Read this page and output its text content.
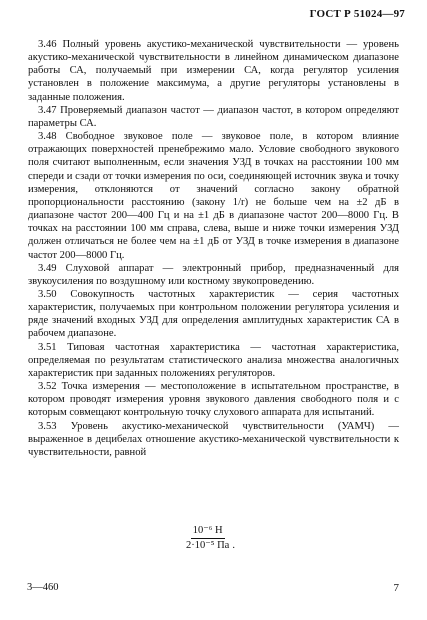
ГОСТ Р 51024—97

3.46 Полный уровень акустико-механической чувствительности — уровень акустико-механической чувствительности в линейном динамическом диапазоне работы СА, получаемый при измерении СА, когда регулятор усиления установлен в положение максимума, а другие регуляторы установлены в заданные положения.

3.47 Проверяемый диапазон частот — диапазон частот, в котором определяют параметры СА.

3.48 Свободное звуковое поле — звуковое поле, в котором влияние отражающих поверхностей пренебрежимо мало. Условие свободного звукового поля считают выполненным, если значения УЗД в точках на расстоянии 100 мм спереди и сзади от точки измерения по оси, соединяющей источник звука и точку измерения, отклоняются от значений согласно закону обратной пропорциональности расстоянию (закону 1/r) не больше чем на ±2 дБ в диапазоне частот 200—400 Гц и на ±1 дБ в диапазоне частот 200—8000 Гц. В точках на расстоянии 100 мм справа, слева, выше и ниже точки измерения УЗД должен отличаться не более чем на ±1 дБ от УЗД в точке измерения в диапазоне частот 200—8000 Гц.

3.49 Слуховой аппарат — электронный прибор, предназначенный для звукоусиления по воздушному или костному звукопроведению.

3.50 Совокупность частотных характеристик — серия частотных характеристик, получаемых при контрольном положении регулятора усиления и ряде значений входных УЗД для определения амплитудных характеристик СА в рабочем диапазоне.

3.51 Типовая частотная характеристика — частотная характеристика, определяемая по результатам статистического анализа множества аналогичных характеристик при заданных положениях регуляторов.

3.52 Точка измерения — местоположение в испытательном пространстве, в котором проводят измерения уровня звукового давления свободного поля и с которым совмещают контрольную точку слухового аппарата для испытаний.

3.53 Уровень акустико-механической чувствительности (УАМЧ) — выраженное в децибелах отношение акустико-механической чувствительности к чувствительности, равной

$\frac{\text{10⁻⁶ Н}}{\text{2·10⁻⁵ Па}}$ .
3—460	7
